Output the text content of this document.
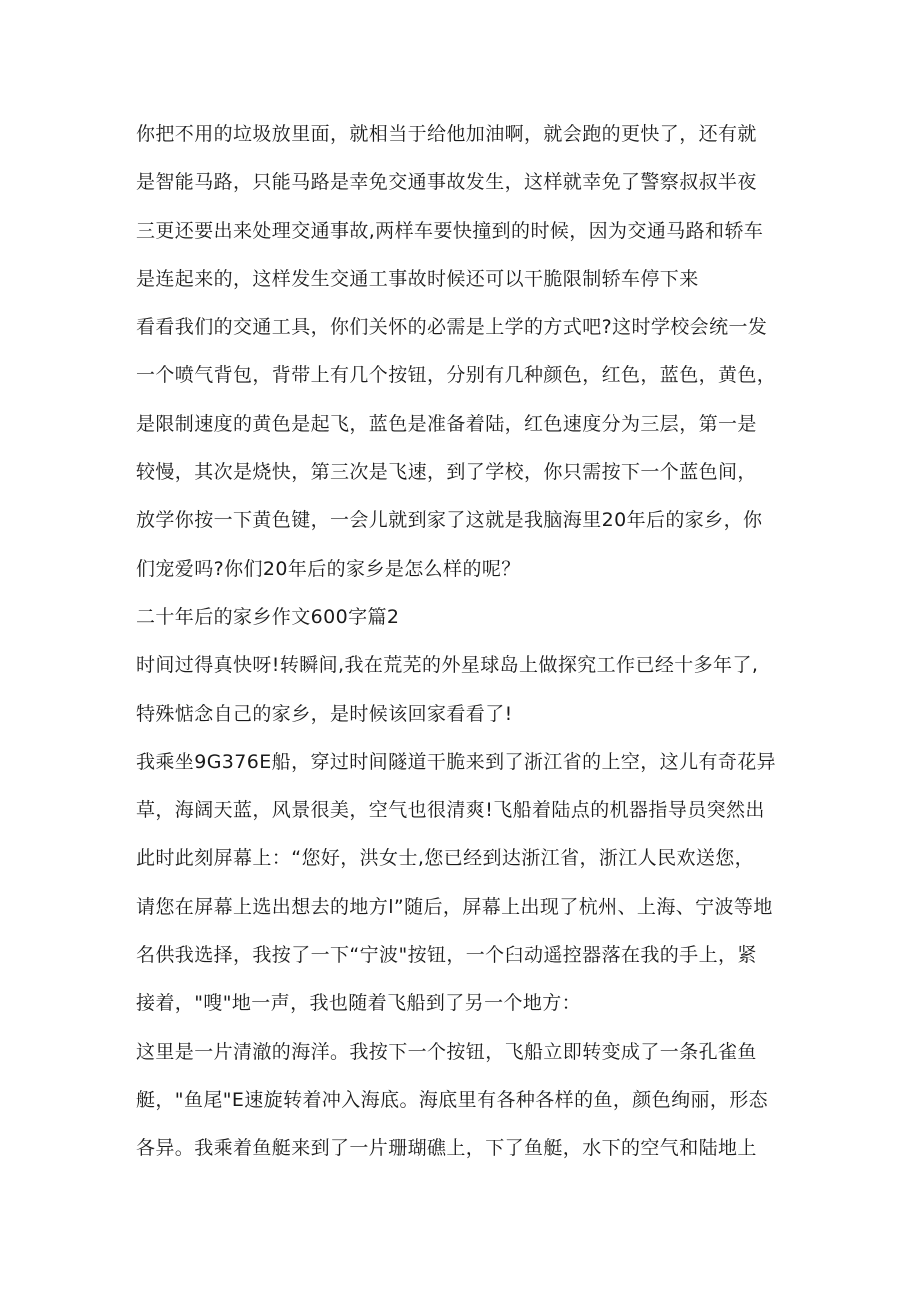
你把不用的垃圾放里面，就相当于给他加油啊，就会跑的更快了，还有就
是智能马路，只能马路是幸免交通事故发生，这样就幸免了警察叔叔半夜
三更还要出来处理交通事故,两样车要快撞到的时候，因为交通马路和轿车
是连起来的，这样发生交通工事故时候还可以干脆限制轿车停下来
看看我们的交通工具，你们关怀的必需是上学的方式吧?这时学校会统一发
一个喷气背包，背带上有几个按钮，分别有几种颜色，红色，蓝色，黄色，
是限制速度的黄色是起飞，蓝色是准备着陆，红色速度分为三层，第一是
较慢，其次是烧快，第三次是飞速，到了学校，你只需按下一个蓝色间，
放学你按一下黄色键，一会儿就到家了这就是我脑海里20年后的家乡，你
们宠爱吗?你们20年后的家乡是怎么样的呢？
二十年后的家乡作文600字篇2
时间过得真快呀!转瞬间,我在荒芜的外星球岛上做探究工作已经十多年了,
特殊惦念自己的家乡，是时候该回家看看了!
我乘坐9G376E船，穿过时间隧道干脆来到了浙江省的上空，这儿有奇花异
草，海阔天蓝，风景很美，空气也很清爽!飞船着陆点的机器指导员突然出
此时此刻屏幕上：“您好，洪女士,您已经到达浙江省，浙江人民欢送您，
请您在屏幕上选出想去的地方l”随后，屏幕上出现了杭州、上海、宁波等地
名供我选择，我按了一下“宁波"按钮，一个臼动遥控器落在我的手上，紧
接着，"嗖"地一声，我也随着飞船到了另一个地方：
这里是一片清澈的海洋。我按下一个按钮，飞船立即转变成了一条孔雀鱼
艇，"鱼尾"E速旋转着冲入海底。海底里有各种各样的鱼，颜色绚丽，形态
各异。我乘着鱼艇来到了一片珊瑚礁上，下了鱼艇，水下的空气和陆地上
